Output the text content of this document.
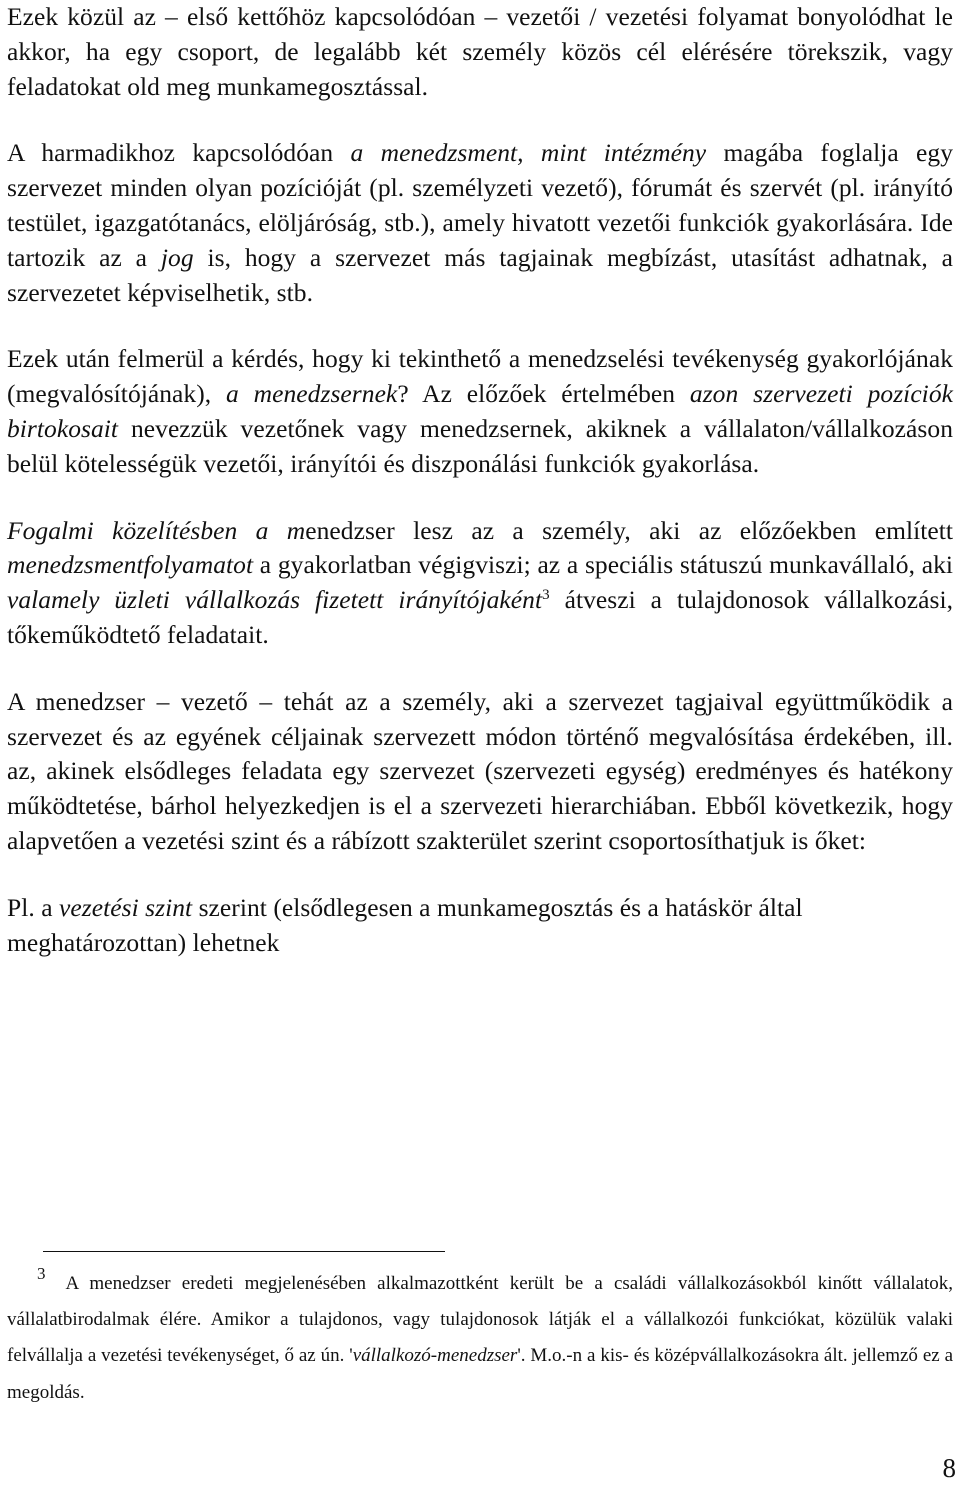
Ezek közül az – első kettőhöz kapcsolódóan – vezetői / vezetési folyamat bonyolódhat le akkor, ha egy csoport, de legalább két személy közös cél elérésére törekszik, vagy feladatokat old meg munkamegosztással.

A harmadikhoz kapcsolódóan a menedzsment, mint intézmény magába foglalja egy szervezet minden olyan pozícióját (pl. személyzeti vezető), fórumát és szervét (pl. irányító testület, igazgatótanács, elöljáróság, stb.), amely hivatott vezetői funkciók gyakorlására. Ide tartozik az a jog is, hogy a szervezet más tagjainak megbízást, utasítást adhatnak, a szervezetet képviselhetik, stb.

Ezek után felmerül a kérdés, hogy ki tekinthető a menedzselési tevékenység gyakorlójának (megvalósítójának), a menedzsernek? Az előzőek értelmében azon szervezeti pozíciók birtokosait nevezzük vezetőnek vagy menedzsernek, akiknek a vállalaton/vállalkozáson belül kötelességük vezetői, irányítói és diszponálási funkciók gyakorlása.

Fogalmi közelítésben a menedzser lesz az a személy, aki az előzőekben említett menedzsmentfolyamatot a gyakorlatban végigviszi; az a speciális státuszú munkavállaló, aki valamely üzleti vállalkozás fizetett irányítójaként$^3$ átveszi a tulajdonosok vállalkozási, tőkeműködtető feladatait.

A menedzser – vezető – tehát az a személy, aki a szervezet tagjaival együttműködik a szervezet és az egyének céljainak szervezett módon történő megvalósítása érdekében, ill. az, akinek elsődleges feladata egy szervezet (szervezeti egység) eredményes és hatékony működtetése, bárhol helyezkedjen is el a szervezeti hierarchiában. Ebből következik, hogy alapvetően a vezetési szint és a rábízott szakterület szerint csoportosíthatjuk is őket:

Pl. a vezetési szint szerint (elsődlegesen a munkamegosztás és a hatáskör által meghatározottan) lehetnek

3 A menedzser eredeti megjelenésében alkalmazottként került be a családi vállalkozásokból kinőtt vállalatok, vállalatbirodalmak élére. Amikor a tulajdonos, vagy tulajdonosok látják el a vállalkozói funkciókat, közülük valaki felvállalja a vezetési tevékenységet, ő az ún. 'vállalkozó-menedzser'. M.o.-n a kis- és középvállalkozásokra ált. jellemző ez a megoldás.

8
